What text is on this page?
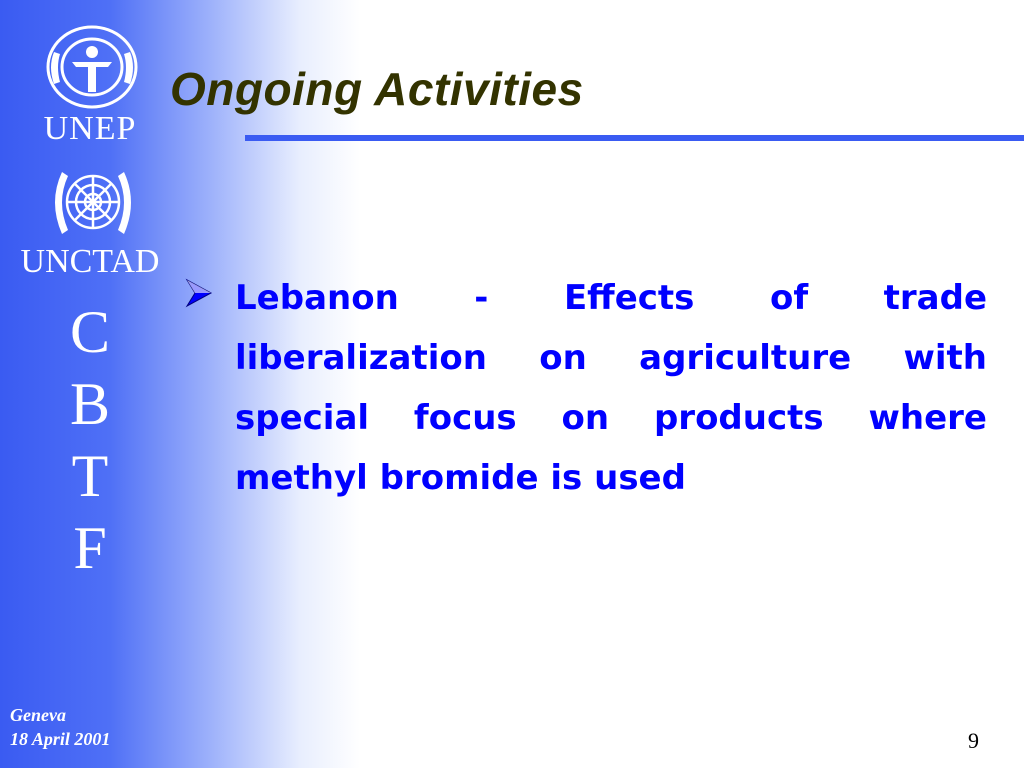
UNEP
UNCTAD
C
B
T
F
Ongoing Activities
Lebanon - Effects of trade liberalization on agriculture with special focus on products where methyl bromide is used
Geneva
18 April 2001	9
